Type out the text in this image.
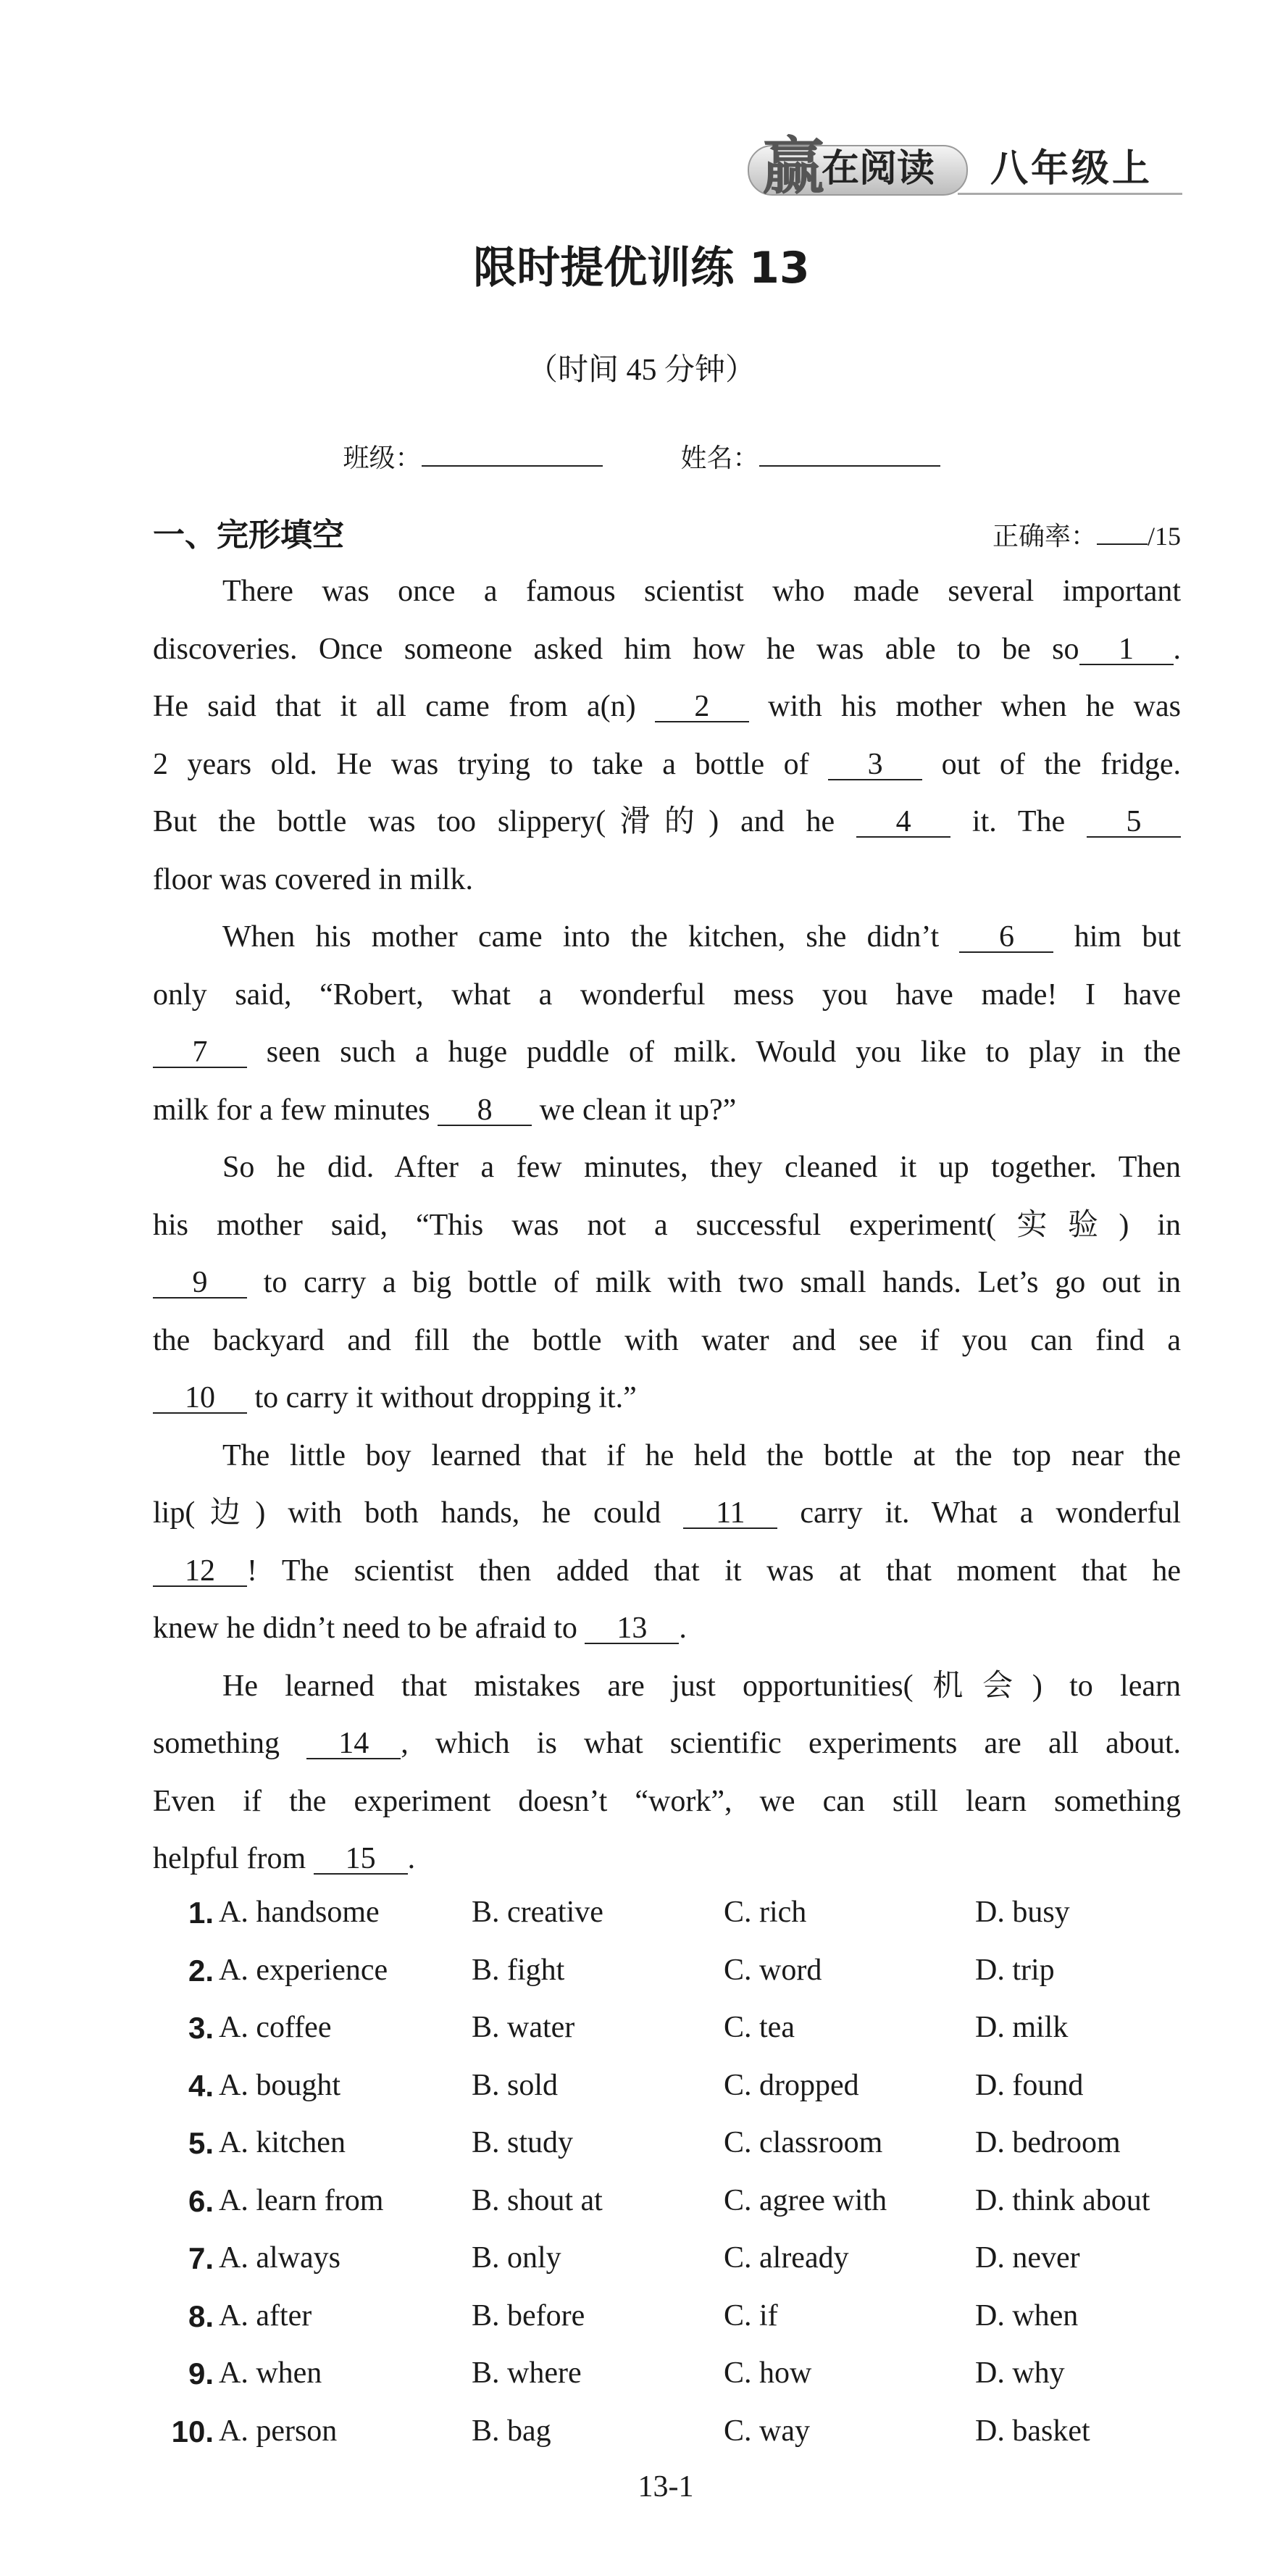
赢
在阅读 八年级上
限时提优训练 13
（时间 45 分钟）
班级：	姓名：
一、完形填空	正确率： /15
There was once a famous scientist who made several important
discoveries. Once someone asked him how he was able to be so 1 .
He said that it all came from a(n) 2 with his mother when he was
2 years old. He was trying to take a bottle of 3 out of the fridge.
But the bottle was too slippery(滑的) and he 4 it. The 5
floor was covered in milk.
When his mother came into the kitchen, she didn’t 6 him but
only said, “Robert, what a wonderful mess you have made! I have
7 seen such a huge puddle of milk. Would you like to play in the
milk for a few minutes 8 we clean it up?”
So he did. After a few minutes, they cleaned it up together. Then
his mother said, “This was not a successful experiment(实验) in
9 to carry a big bottle of milk with two small hands. Let’s go out in
the backyard and fill the bottle with water and see if you can find a
10 to carry it without dropping it.”
The little boy learned that if he held the bottle at the top near the
lip(边) with both hands, he could 11 carry it. What a wonderful
12 ! The scientist then added that it was at that moment that he
knew he didn’t need to be afraid to 13 .
He learned that mistakes are just opportunities(机会) to learn
something 14 , which is what scientific experiments are all about.
Even if the experiment doesn’t “work”, we can still learn something
helpful from 15 .
1. A. handsome	B. creative	C. rich	D. busy
2. A. experience	B. fight	C. word	D. trip
3. A. coffee	B. water	C. tea	D. milk
4. A. bought	B. sold	C. dropped	D. found
5. A. kitchen	B. study	C. classroom	D. bedroom
6. A. learn from	B. shout at	C. agree with	D. think about
7. A. always	B. only	C. already	D. never
8. A. after	B. before	C. if	D. when
9. A. when	B. where	C. how	D. why
10. A. person	B. bag	C. way	D. basket
13-1
